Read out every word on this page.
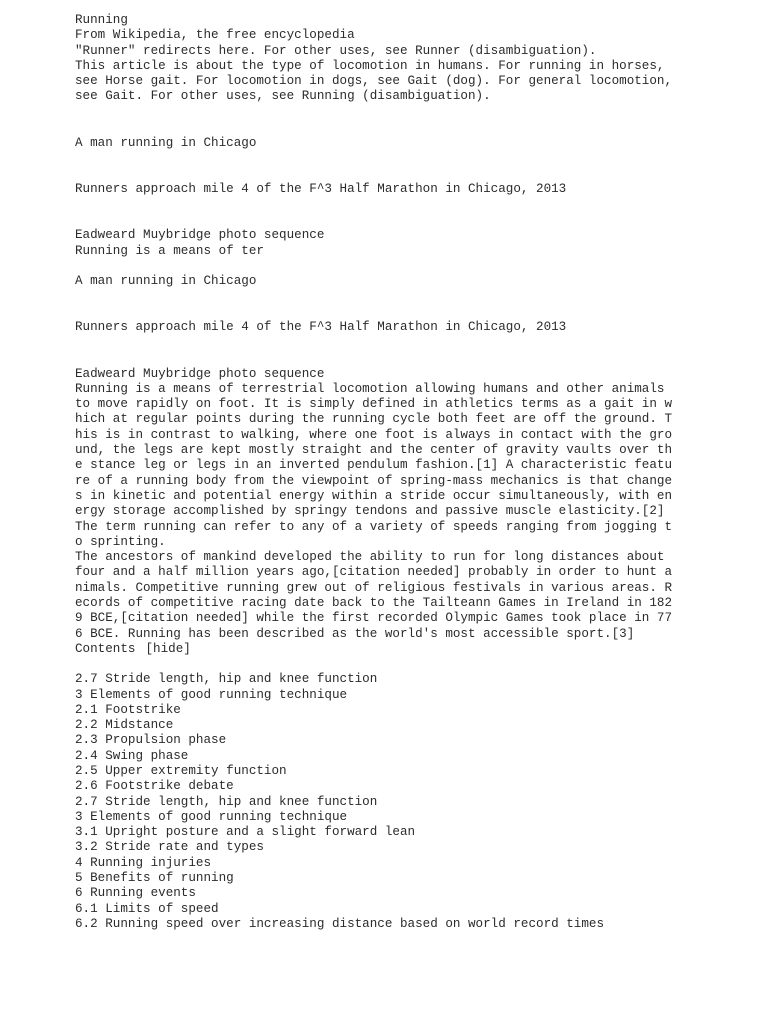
Running
From Wikipedia, the free encyclopedia
"Runner" redirects here. For other uses, see Runner (disambiguation).
This article is about the type of locomotion in humans. For running in horses, see Horse gait. For locomotion in dogs, see Gait (dog). For general locomotion, see Gait. For other uses, see Running (disambiguation).
A man running in Chicago
Runners approach mile 4 of the F^3 Half Marathon in Chicago, 2013
Eadweard Muybridge photo sequence
Running is a means of ter
A man running in Chicago
Runners approach mile 4 of the F^3 Half Marathon in Chicago, 2013
Eadweard Muybridge photo sequence
Running is a means of terrestrial locomotion allowing humans and other animals to move rapidly on foot. It is simply defined in athletics terms as a gait in which at regular points during the running cycle both feet are off the ground. This is in contrast to walking, where one foot is always in contact with the ground, the legs are kept mostly straight and the center of gravity vaults over the stance leg or legs in an inverted pendulum fashion.[1] A characteristic feature of a running body from the viewpoint of spring-mass mechanics is that changes in kinetic and potential energy within a stride occur simultaneously, with energy storage accomplished by springy tendons and passive muscle elasticity.[2] The term running can refer to any of a variety of speeds ranging from jogging to sprinting.
The ancestors of mankind developed the ability to run for long distances about four and a half million years ago,[citation needed] probably in order to hunt animals. Competitive running grew out of religious festivals in various areas. Records of competitive racing date back to the Tailteann Games in Ireland in 1829 BCE,[citation needed] while the first recorded Olympic Games took place in 776 BCE. Running has been described as the world's most accessible sport.[3]
Contents [hide]
2.7 Stride length, hip and knee function
3 Elements of good running technique
2.1 Footstrike
2.2 Midstance
2.3 Propulsion phase
2.4 Swing phase
2.5 Upper extremity function
2.6 Footstrike debate
2.7 Stride length, hip and knee function
3 Elements of good running technique
3.1 Upright posture and a slight forward lean
3.2 Stride rate and types
4 Running injuries
5 Benefits of running
6 Running events
6.1 Limits of speed
6.2 Running speed over increasing distance based on world record times
